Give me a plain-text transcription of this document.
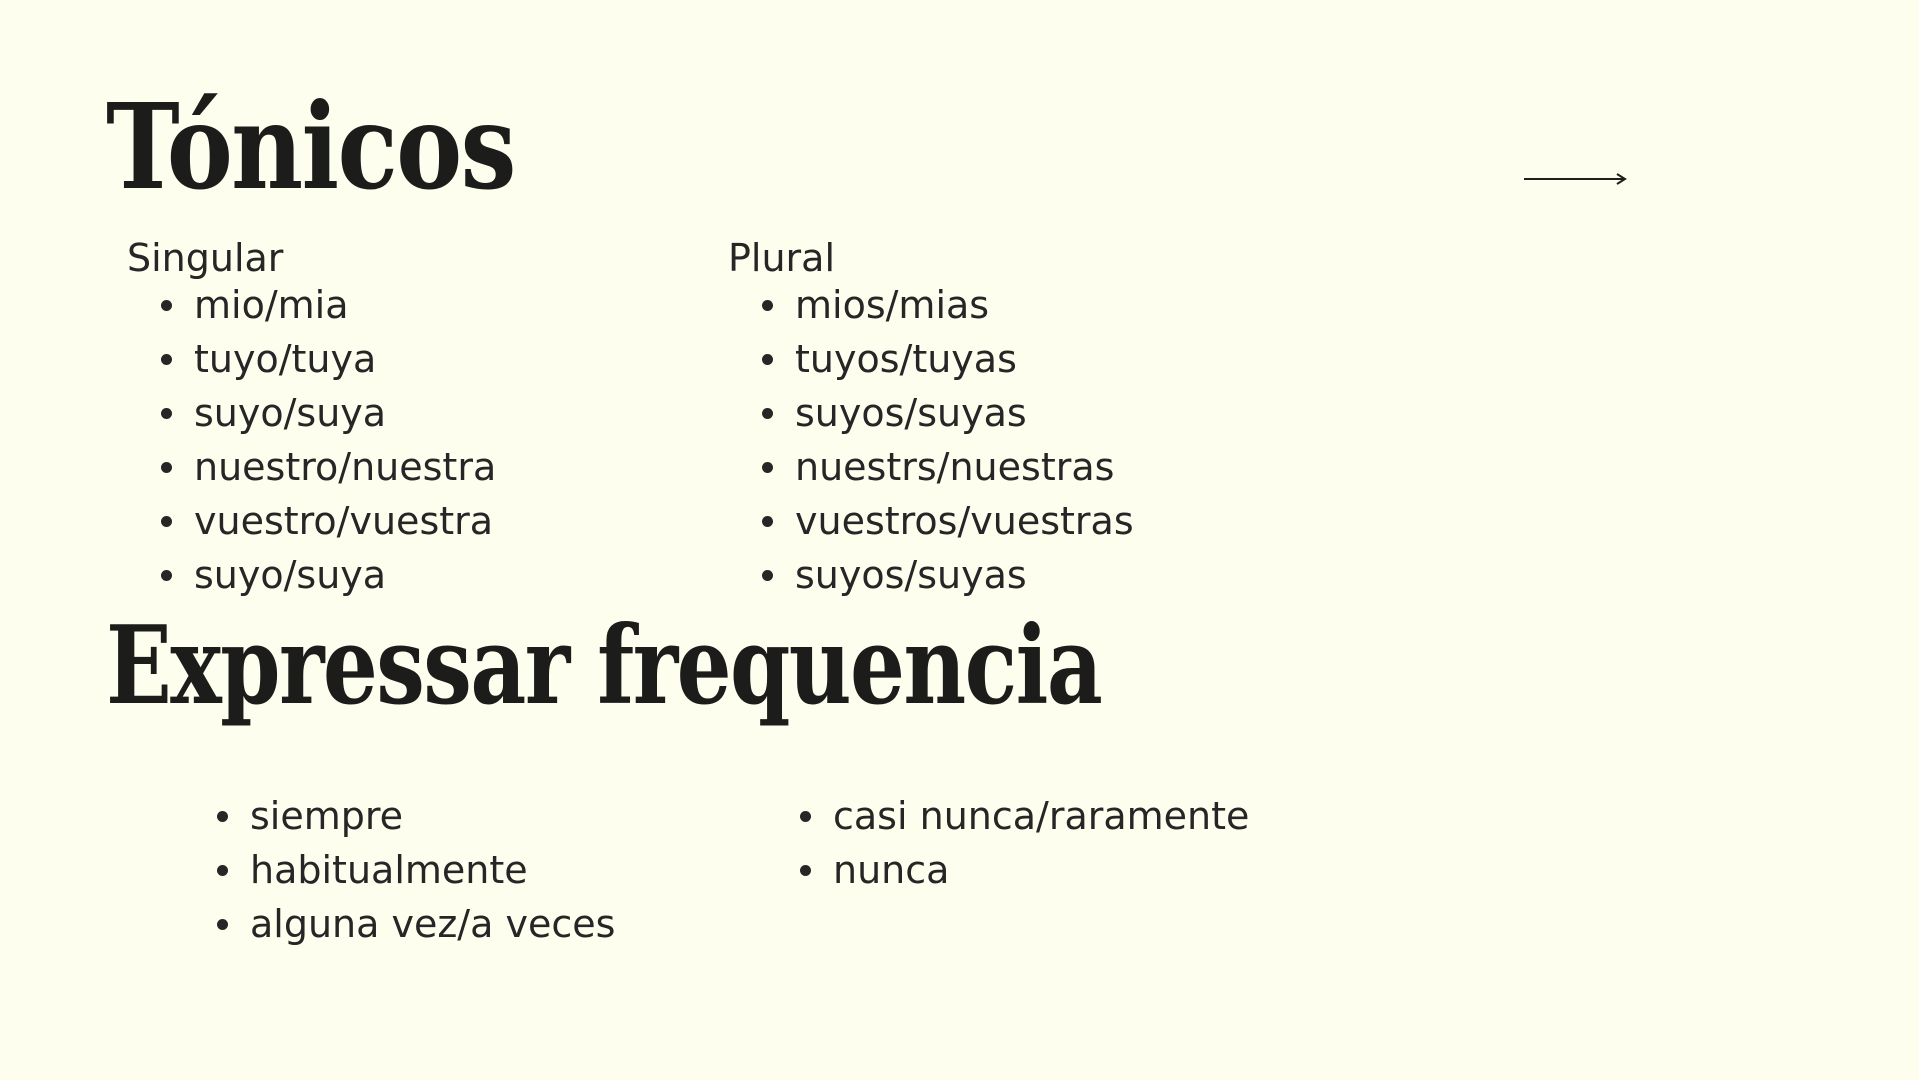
Tónicos
Singular
mio/mia
tuyo/tuya
suyo/suya
nuestro/nuestra
vuestro/vuestra
suyo/suya
Plural
mios/mias
tuyos/tuyas
suyos/suyas
nuestrs/nuestras
vuestros/vuestras
suyos/suyas
Expressar frequencia
siempre
habitualmente
alguna vez/a veces
casi nunca/raramente
nunca
